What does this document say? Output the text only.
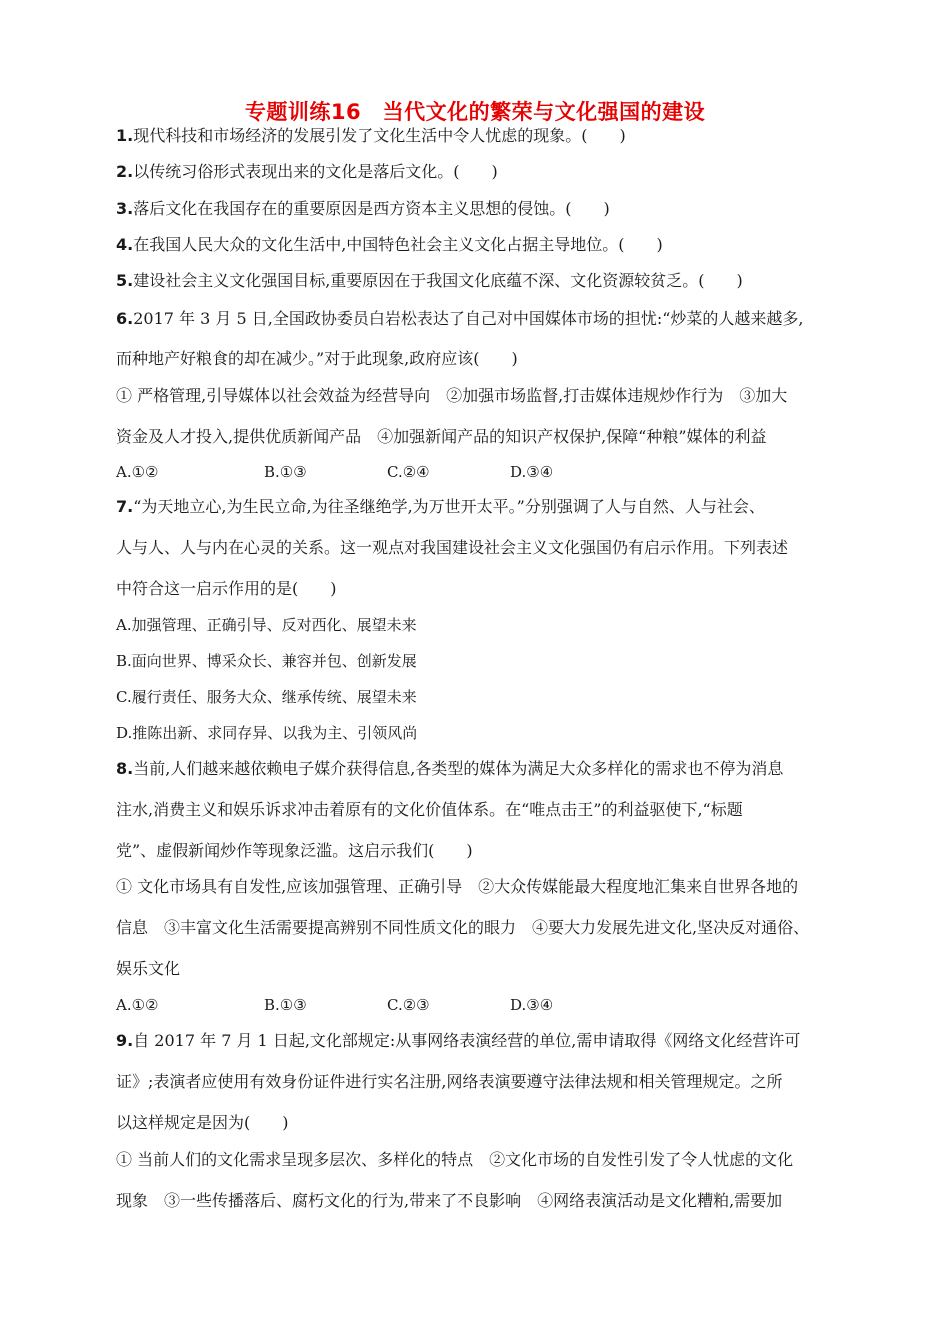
专题训练16　当代文化的繁荣与文化强国的建设
1.现代科技和市场经济的发展引发了文化生活中令人忧虑的现象。(　　)
2.以传统习俗形式表现出来的文化是落后文化。(　　)
3.落后文化在我国存在的重要原因是西方资本主义思想的侵蚀。(　　)
4.在我国人民大众的文化生活中,中国特色社会主义文化占据主导地位。(　　)
5.建设社会主义文化强国目标,重要原因在于我国文化底蕴不深、文化资源较贫乏。(　　)
6.2017 年 3 月 5 日,全国政协委员白岩松表达了自己对中国媒体市场的担忧:“炒菜的人越来越多,
而种地产好粮食的却在减少。”对于此现象,政府应该(　　)
① 严格管理,引导媒体以社会效益为经营导向　②加强市场监督,打击媒体违规炒作行为　③加大
资金及人才投入,提供优质新闻产品　④加强新闻产品的知识产权保护,保障“种粮”媒体的利益
A.①②	B.①③	C.②④	D.③④
7.“为天地立心,为生民立命,为往圣继绝学,为万世开太平。”分别强调了人与自然、人与社会、
人与人、人与内在心灵的关系。这一观点对我国建设社会主义文化强国仍有启示作用。下列表述
中符合这一启示作用的是(　　)
A.加强管理、正确引导、反对西化、展望未来
B.面向世界、博采众长、兼容并包、创新发展
C.履行责任、服务大众、继承传统、展望未来
D.推陈出新、求同存异、以我为主、引领风尚
8.当前,人们越来越依赖电子媒介获得信息,各类型的媒体为满足大众多样化的需求也不停为消息
注水,消费主义和娱乐诉求冲击着原有的文化价值体系。在“唯点击王”的利益驱使下,“标题
党”、虚假新闻炒作等现象泛滥。这启示我们(　　)
① 文化市场具有自发性,应该加强管理、正确引导　②大众传媒能最大程度地汇集来自世界各地的
信息　③丰富文化生活需要提高辨别不同性质文化的眼力　④要大力发展先进文化,坚决反对通俗、
娱乐文化
A.①②	B.①③	C.②③	D.③④
9.自 2017 年 7 月 1 日起,文化部规定:从事网络表演经营的单位,需申请取得《网络文化经营许可
证》;表演者应使用有效身份证件进行实名注册,网络表演要遵守法律法规和相关管理规定。之所
以这样规定是因为(　　)
① 当前人们的文化需求呈现多层次、多样化的特点　②文化市场的自发性引发了令人忧虑的文化
现象　③一些传播落后、腐朽文化的行为,带来了不良影响　④网络表演活动是文化糟粕,需要加
